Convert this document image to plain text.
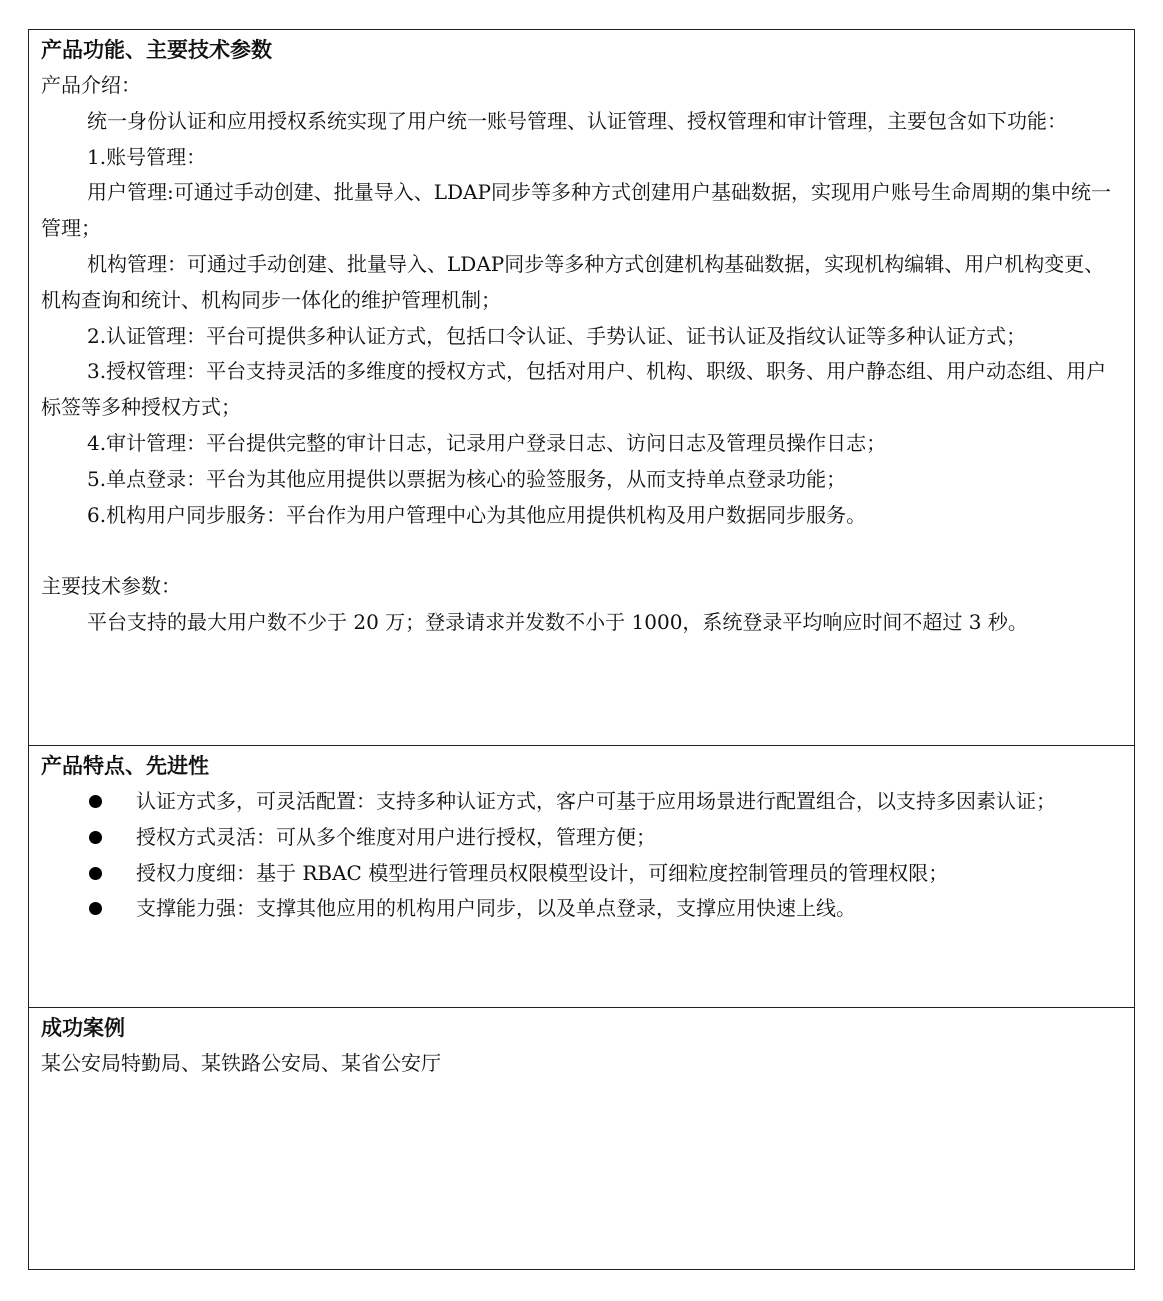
产品功能、主要技术参数
产品介绍：
统一身份认证和应用授权系统实现了用户统一账号管理、认证管理、授权管理和审计管理，主要包含如下功能：
1.账号管理：
用户管理:可通过手动创建、批量导入、LDAP同步等多种方式创建用户基础数据，实现用户账号生命周期的集中统一管理；
机构管理：可通过手动创建、批量导入、LDAP同步等多种方式创建机构基础数据，实现机构编辑、用户机构变更、机构查询和统计、机构同步一体化的维护管理机制；
2.认证管理：平台可提供多种认证方式，包括口令认证、手势认证、证书认证及指纹认证等多种认证方式；
3.授权管理：平台支持灵活的多维度的授权方式，包括对用户、机构、职级、职务、用户静态组、用户动态组、用户标签等多种授权方式；
4.审计管理：平台提供完整的审计日志，记录用户登录日志、访问日志及管理员操作日志；
5.单点登录：平台为其他应用提供以票据为核心的验签服务，从而支持单点登录功能；
6.机构用户同步服务：平台作为用户管理中心为其他应用提供机构及用户数据同步服务。
主要技术参数：
平台支持的最大用户数不少于 20 万；登录请求并发数不小于 1000，系统登录平均响应时间不超过 3 秒。
产品特点、先进性
认证方式多，可灵活配置：支持多种认证方式，客户可基于应用场景进行配置组合，以支持多因素认证；
授权方式灵活：可从多个维度对用户进行授权，管理方便；
授权力度细：基于 RBAC 模型进行管理员权限模型设计，可细粒度控制管理员的管理权限；
支撑能力强：支撑其他应用的机构用户同步，以及单点登录，支撑应用快速上线。
成功案例
某公安局特勤局、某铁路公安局、某省公安厅
